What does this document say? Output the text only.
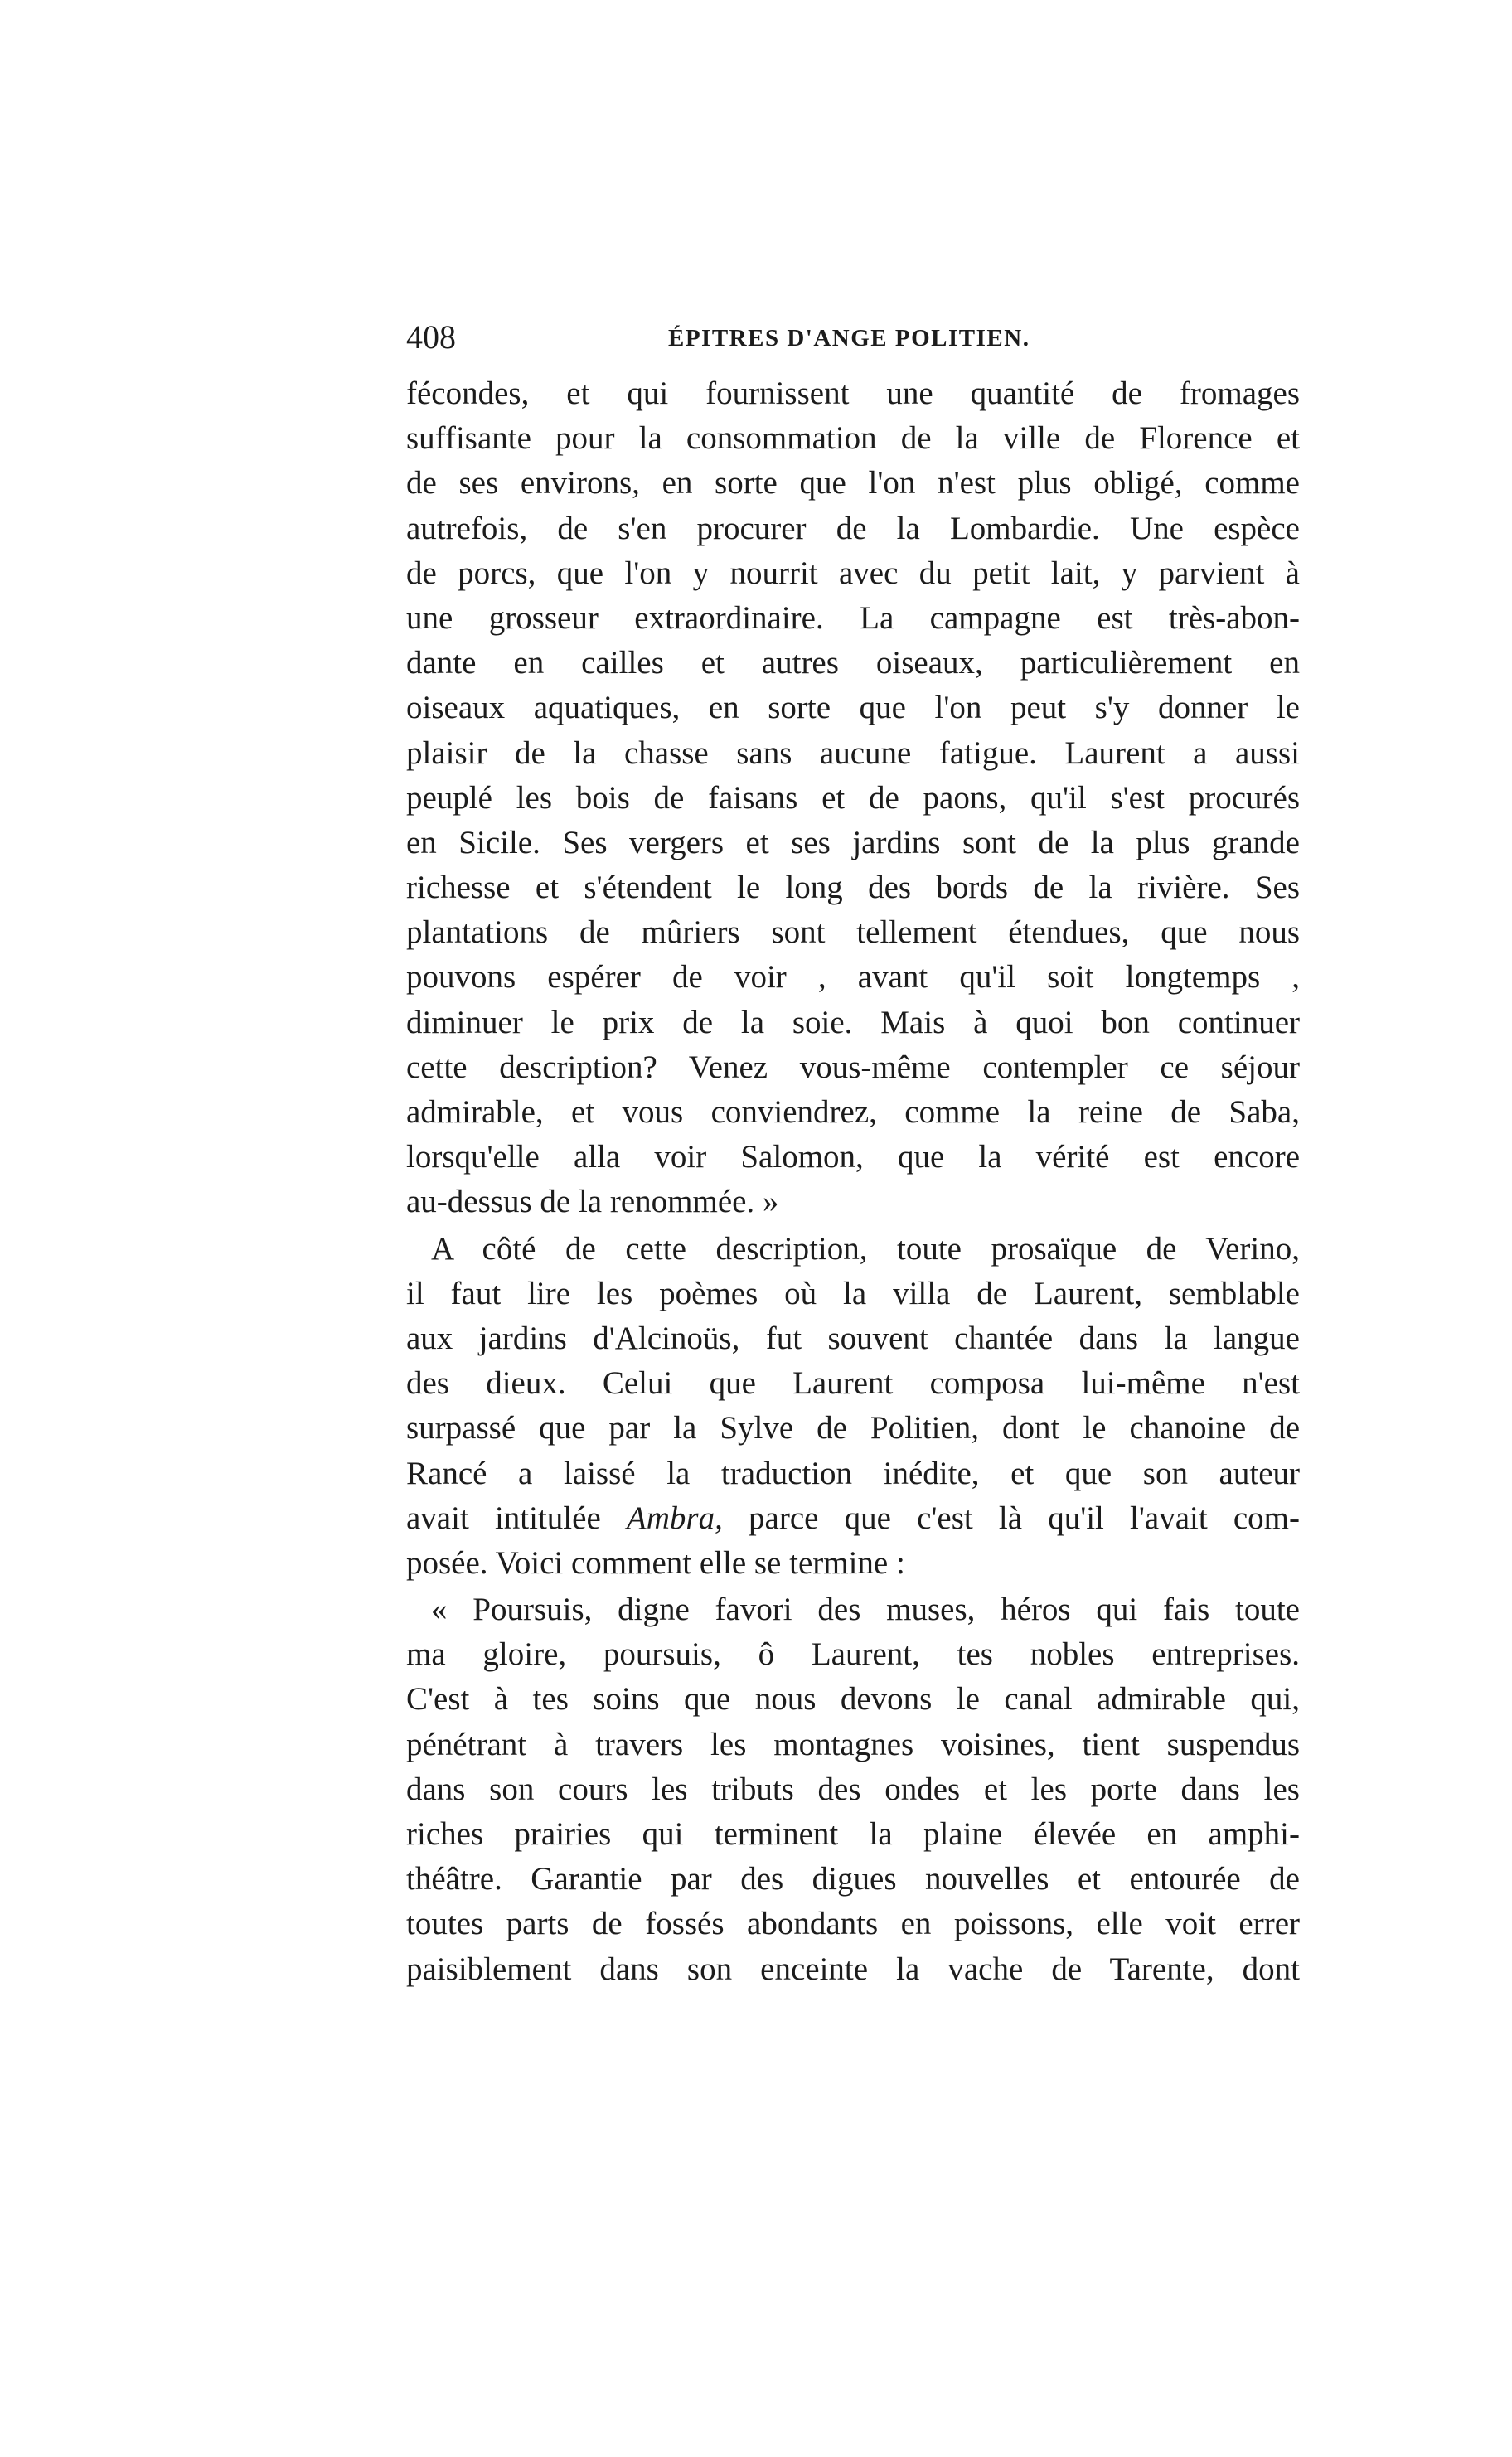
408	ÉPITRES D'ANGE POLITIEN.
fécondes, et qui fournissent une quantité de fromages
suffisante pour la consommation de la ville de Florence et
de ses environs, en sorte que l'on n'est plus obligé, comme
autrefois, de s'en procurer de la Lombardie. Une espèce
de porcs, que l'on y nourrit avec du petit lait, y parvient à
une grosseur extraordinaire. La campagne est très-abon-
dante en cailles et autres oiseaux, particulièrement en
oiseaux aquatiques, en sorte que l'on peut s'y donner le
plaisir de la chasse sans aucune fatigue. Laurent a aussi
peuplé les bois de faisans et de paons, qu'il s'est procurés
en Sicile. Ses vergers et ses jardins sont de la plus grande
richesse et s'étendent le long des bords de la rivière. Ses
plantations de mûriers sont tellement étendues, que nous
pouvons espérer de voir , avant qu'il soit longtemps ,
diminuer le prix de la soie. Mais à quoi bon continuer
cette description? Venez vous-même contempler ce séjour
admirable, et vous conviendrez, comme la reine de Saba,
lorsqu'elle alla voir Salomon, que la vérité est encore
au-dessus de la renommée. »
A côté de cette description, toute prosaïque de Verino,
il faut lire les poèmes où la villa de Laurent, semblable
aux jardins d'Alcinoüs, fut souvent chantée dans la langue
des dieux. Celui que Laurent composa lui-même n'est
surpassé que par la Sylve de Politien, dont le chanoine de
Rancé a laissé la traduction inédite, et que son auteur
avait intitulée Ambra, parce que c'est là qu'il l'avait com-
posée. Voici comment elle se termine :
« Poursuis, digne favori des muses, héros qui fais toute
ma gloire, poursuis, ô Laurent, tes nobles entreprises.
C'est à tes soins que nous devons le canal admirable qui,
pénétrant à travers les montagnes voisines, tient suspendus
dans son cours les tributs des ondes et les porte dans les
riches prairies qui terminent la plaine élevée en amphi-
théâtre. Garantie par des digues nouvelles et entourée de
toutes parts de fossés abondants en poissons, elle voit errer
paisiblement dans son enceinte la vache de Tarente, dont
